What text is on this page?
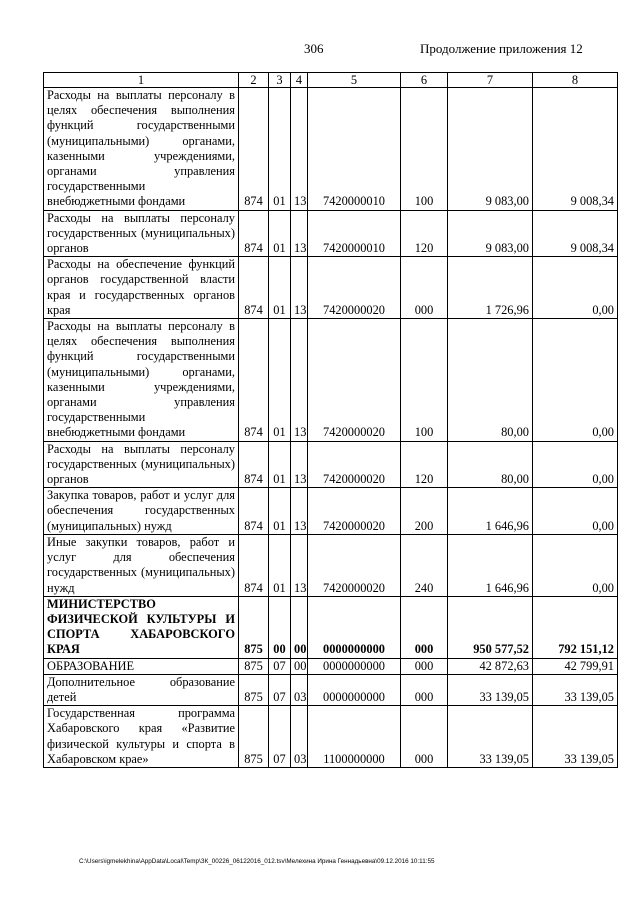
306	Продолжение приложения 12
1	2	3	4	5	6	7	8
Расходы на выплаты персоналу в целях обеспечения выполнения функций государственными (муниципальными) органами, казенными учреждениями, органами управления государственными внебюджетными фондами	874	01	13	7420000010	100	9 083,00	9 008,34
Расходы на выплаты персоналу государственных (муниципальных) органов	874	01	13	7420000010	120	9 083,00	9 008,34
Расходы на обеспечение функций органов государственной власти края и государственных органов края	874	01	13	7420000020	000	1 726,96	0,00
Расходы на выплаты персоналу в целях обеспечения выполнения функций государственными (муниципальными) органами, казенными учреждениями, органами управления государственными внебюджетными фондами	874	01	13	7420000020	100	80,00	0,00
Расходы на выплаты персоналу государственных (муниципальных) органов	874	01	13	7420000020	120	80,00	0,00
Закупка товаров, работ и услуг для обеспечения государственных (муниципальных) нужд	874	01	13	7420000020	200	1 646,96	0,00
Иные закупки товаров, работ и услуг для обеспечения государственных (муниципальных) нужд	874	01	13	7420000020	240	1 646,96	0,00
МИНИСТЕРСТВО ФИЗИЧЕСКОЙ КУЛЬТУРЫ И СПОРТА ХАБАРОВСКОГО КРАЯ	875	00	00	0000000000	000	950 577,52	792 151,12
ОБРАЗОВАНИЕ	875	07	00	0000000000	000	42 872,63	42 799,91
Дополнительное образование детей	875	07	03	0000000000	000	33 139,05	33 139,05
Государственная программа Хабаровского края «Развитие физической культуры и спорта в Хабаровском крае»	875	07	03	1100000000	000	33 139,05	33 139,05
C:\Users\igmelekhina\AppData\Local\Temp\ЗК_00226_06122016_012.tsv\Мелехина Ирина Геннадьевна\09.12.2016 10:11:55
